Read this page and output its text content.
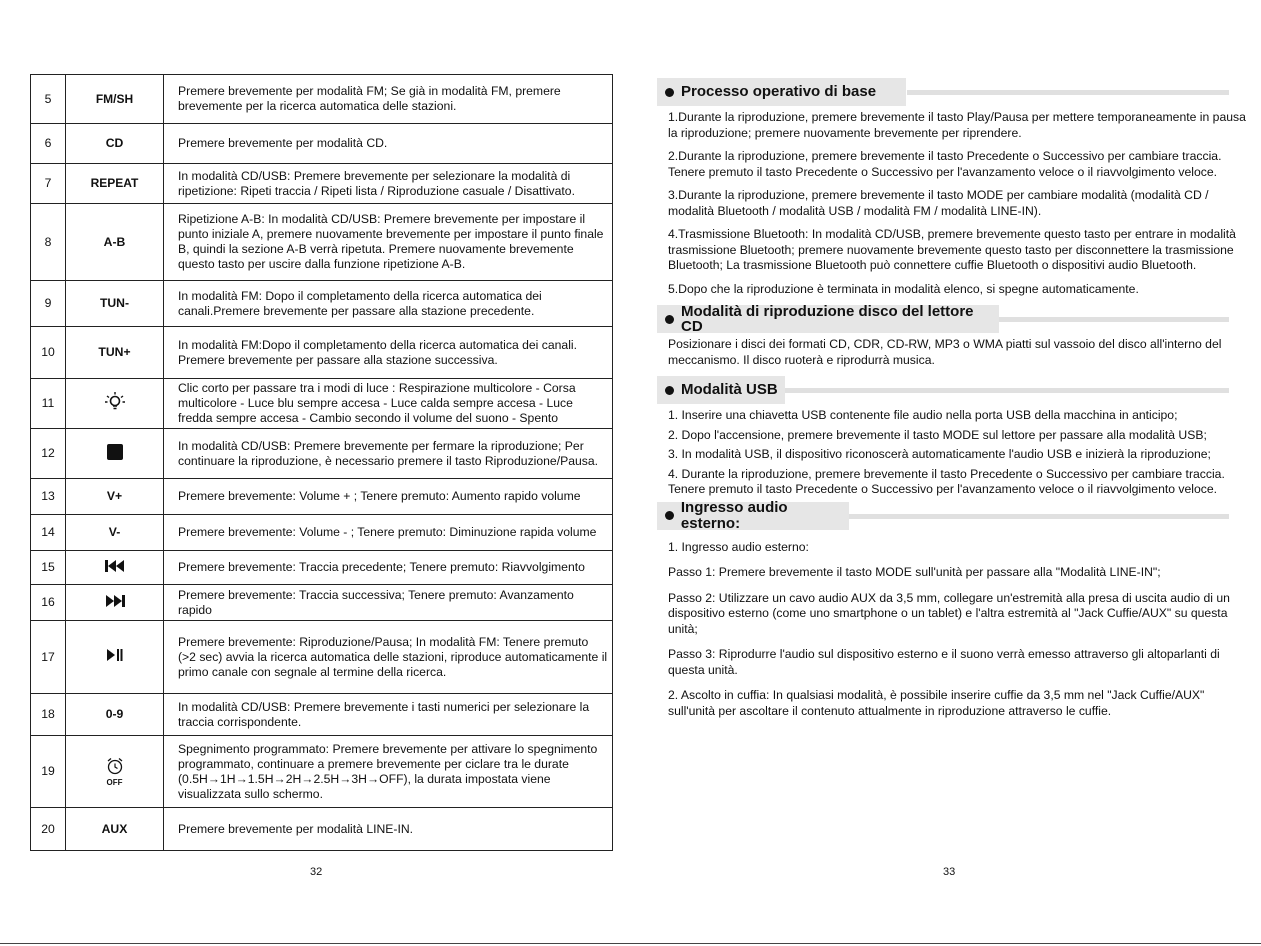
5	FM/SH	Premere brevemente per modalità FM; Se già in modalità FM, premere brevemente per la ricerca automatica delle stazioni.
6	CD	Premere brevemente per modalità CD.
7	REPEAT	In modalità CD/USB: Premere brevemente per selezionare la modalità di ripetizione: Ripeti traccia / Ripeti lista / Riproduzione casuale / Disattivato.
8	A-B	Ripetizione A-B: In modalità CD/USB: Premere brevemente per impostare il punto iniziale A, premere nuovamente brevemente per impostare il punto finale B, quindi la sezione A-B verrà ripetuta. Premere nuovamente brevemente questo tasto per uscire dalla funzione ripetizione A-B.
9	TUN-	In modalità FM: Dopo il completamento della ricerca automatica dei canali.Premere brevemente per passare alla stazione precedente.
10	TUN+	In modalità FM:Dopo il completamento della ricerca automatica dei canali. Premere brevemente per passare alla stazione successiva.
11		Clic corto per passare tra i modi di luce : Respirazione multicolore - Corsa multicolore - Luce blu sempre accesa - Luce calda sempre accesa - Luce fredda sempre accesa - Cambio secondo il volume del suono - Spento
12		In modalità CD/USB: Premere brevemente per fermare la riproduzione; Per continuare la riproduzione, è necessario premere il tasto Riproduzione/Pausa.
13	V+	Premere brevemente: Volume + ; Tenere premuto: Aumento rapido volume
14	V-	Premere brevemente: Volume - ; Tenere premuto: Diminuzione rapida volume
15		Premere brevemente: Traccia precedente; Tenere premuto: Riavvolgimento
16		Premere brevemente: Traccia successiva; Tenere premuto: Avanzamento rapido
17		Premere brevemente: Riproduzione/Pausa; In modalità FM: Tenere premuto (>2 sec) avvia la ricerca automatica delle stazioni, riproduce automaticamente il primo canale con segnale al termine della ricerca.
18	0-9	In modalità CD/USB: Premere brevemente i tasti numerici per selezionare la traccia corrispondente.
19	OFF	Spegnimento programmato: Premere brevemente per attivare lo spegnimento programmato, continuare a premere brevemente per ciclare tra le durate (0.5H→1H→1.5H→2H→2.5H→3H→OFF), la durata impostata viene visualizzata sullo schermo.
20	AUX	Premere brevemente per modalità LINE-IN.
32
Processo operativo di base
1.Durante la riproduzione, premere brevemente il tasto Play/Pausa per mettere temporaneamente in pausa la riproduzione; premere nuovamente brevemente per riprendere.
2.Durante la riproduzione, premere brevemente il tasto Precedente o Successivo per cambiare traccia. Tenere premuto il tasto Precedente o Successivo per l'avanzamento veloce o il riavvolgimento veloce.
3.Durante la riproduzione, premere brevemente il tasto MODE per cambiare modalità (modalità CD / modalità Bluetooth / modalità USB / modalità FM / modalità LINE-IN).
4.Trasmissione Bluetooth: In modalità CD/USB, premere brevemente questo tasto per entrare in modalità trasmissione Bluetooth; premere nuovamente brevemente questo tasto per disconnettere la trasmissione Bluetooth; La trasmissione Bluetooth può connettere cuffie Bluetooth o dispositivi audio Bluetooth.
5.Dopo che la riproduzione è terminata in modalità elenco, si spegne automaticamente.
Modalità di riproduzione disco del lettore CD
Posizionare i disci dei formati CD, CDR, CD-RW, MP3 o WMA piatti sul vassoio del disco all'interno del meccanismo. Il disco ruoterà e riprodurrà musica.
Modalità USB
1. Inserire una chiavetta USB contenente file audio nella porta USB della macchina in anticipo;
2. Dopo l'accensione, premere brevemente il tasto MODE sul lettore per passare alla modalità USB;
3. In modalità USB, il dispositivo riconoscerà automaticamente l'audio USB e inizierà la riproduzione;
4. Durante la riproduzione, premere brevemente il tasto Precedente o Successivo per cambiare traccia. Tenere premuto il tasto Precedente o Successivo per l'avanzamento veloce o il riavvolgimento veloce.
Ingresso audio esterno:
1. Ingresso audio esterno:
Passo 1: Premere brevemente il tasto MODE sull'unità per passare alla "Modalità LINE-IN";
Passo 2: Utilizzare un cavo audio AUX da 3,5 mm, collegare un'estremità alla presa di uscita audio di un dispositivo esterno (come uno smartphone o un tablet) e l'altra estremità al "Jack Cuffie/AUX" su questa unità;
Passo 3: Riprodurre l'audio sul dispositivo esterno e il suono verrà emesso attraverso gli altoparlanti di questa unità.
2. Ascolto in cuffia: In qualsiasi modalità, è possibile inserire cuffie da 3,5 mm nel "Jack Cuffie/AUX" sull'unità per ascoltare il contenuto attualmente in riproduzione attraverso le cuffie.
33
